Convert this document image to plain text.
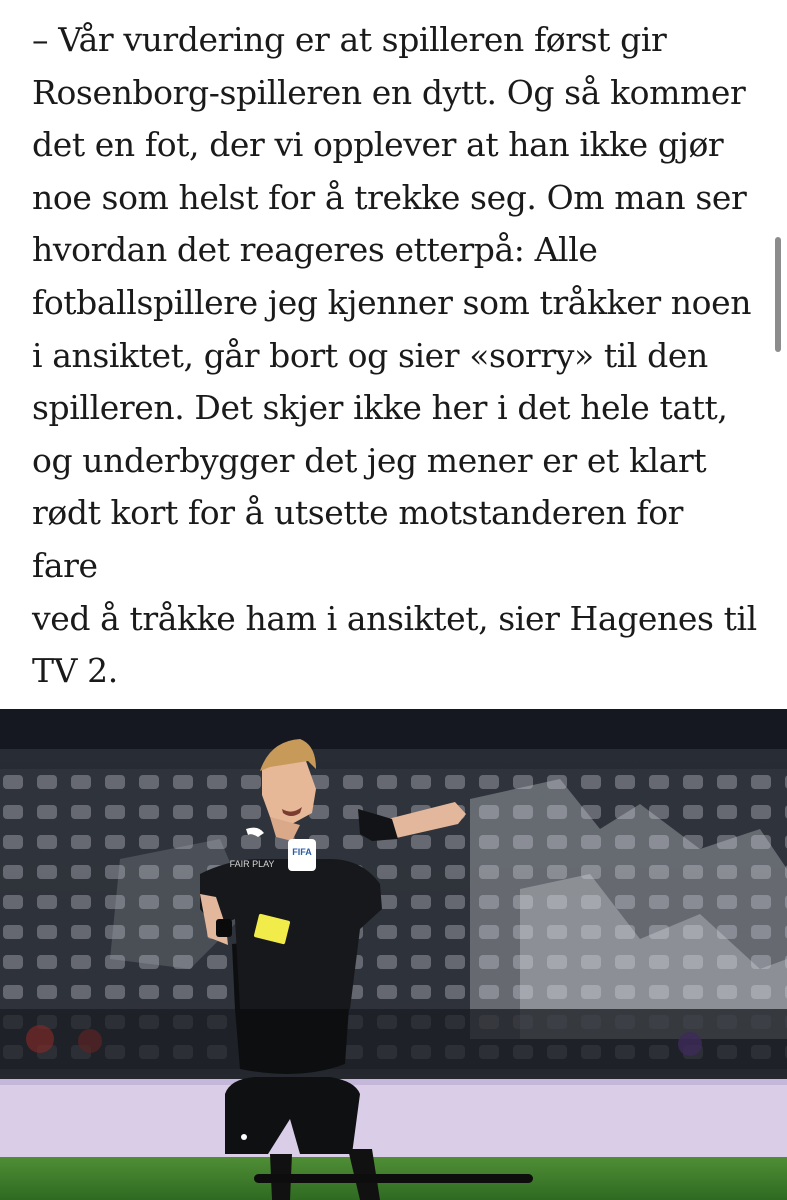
– Vår vurdering er at spilleren først gir
Rosenborg-spilleren en dytt. Og så kommer
det en fot, der vi opplever at han ikke gjør
noe som helst for å trekke seg. Om man ser
hvordan det reageres etterpå: Alle
fotballspillere jeg kjenner som tråkker noen
i ansiktet, går bort og sier «sorry» til den
spilleren. Det skjer ikke her i det hele tatt,
og underbygger det jeg mener er et klart
rødt kort for å utsette motstanderen for fare
ved å tråkke ham i ansiktet, sier Hagenes til
TV 2.

FIFA
FAIR PLAY
